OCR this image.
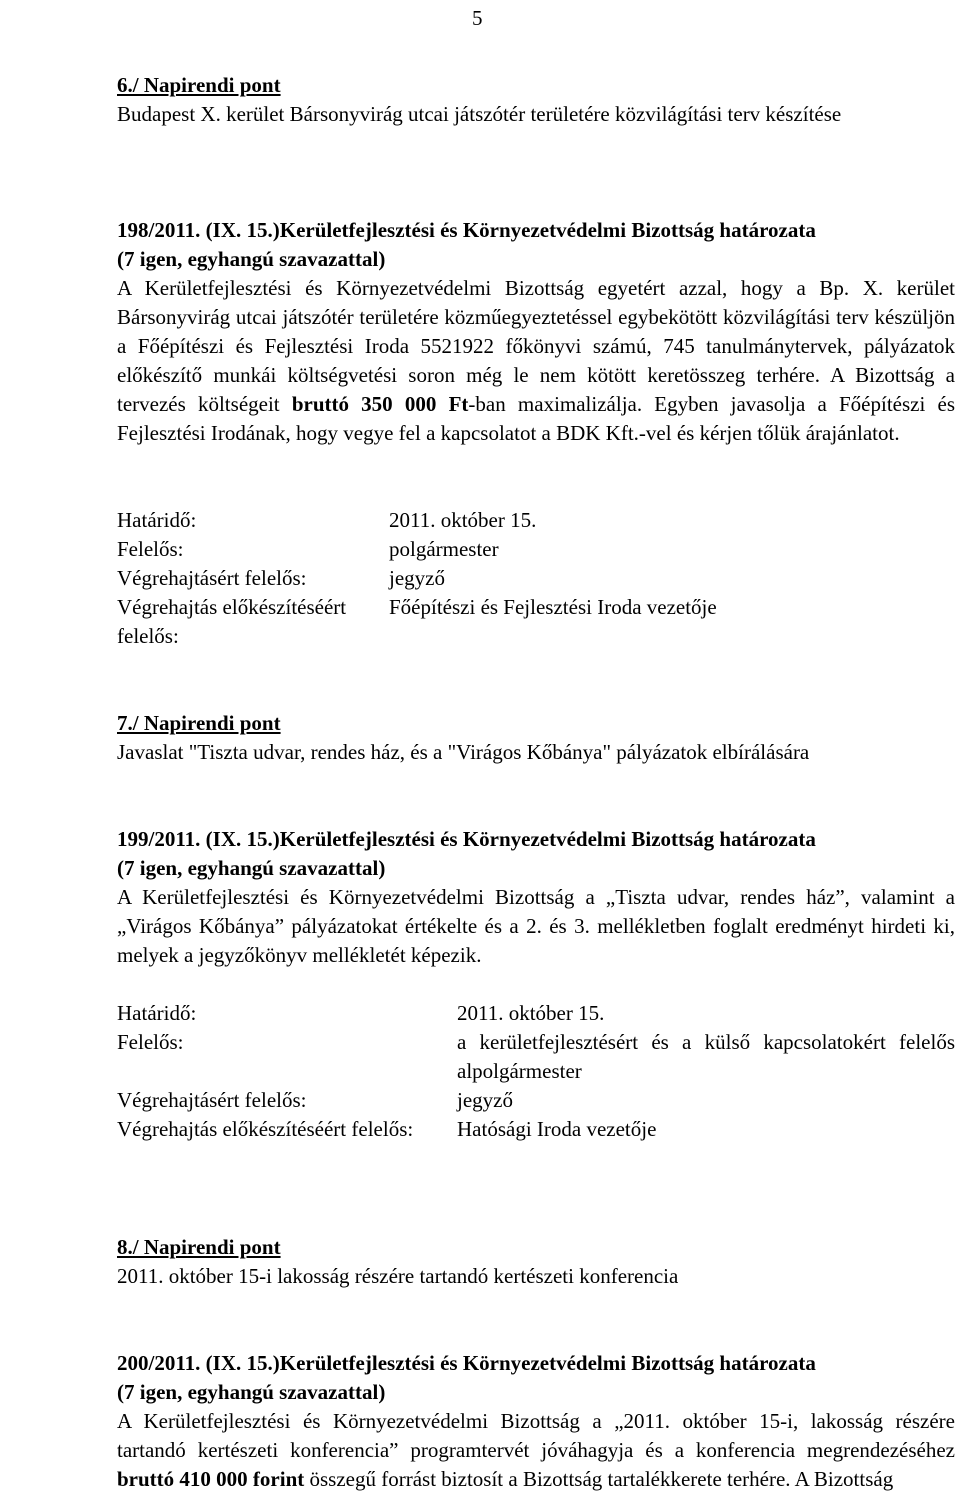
5
6./ Napirendi pont
Budapest X. kerület Bársonyvirág utcai játszótér területére közvilágítási terv készítése
198/2011. (IX. 15.)Kerületfejlesztési és Környezetvédelmi Bizottság határozata
(7 igen, egyhangú szavazattal)
A Kerületfejlesztési és Környezetvédelmi Bizottság egyetért azzal, hogy a Bp. X. kerület Bársonyvirág utcai játszótér területére közműegyeztetéssel egybekötött közvilágítási terv készüljön a Főépítészi és Fejlesztési Iroda 5521922 főkönyvi számú, 745 tanulmánytervek, pályázatok előkészítő munkái költségvetési soron még le nem kötött keretösszeg terhére. A Bizottság a tervezés költségeit bruttó 350 000 Ft-ban maximalizálja. Egyben javasolja a Főépítészi és Fejlesztési Irodának, hogy vegye fel a kapcsolatot a BDK Kft.-vel és kérjen tőlük árajánlatot.
Határidő:	2011. október 15.
Felelős:	polgármester
Végrehajtásért felelős:	jegyző
Végrehajtás előkészítéséért felelős:
Főépítészi és Fejlesztési Iroda vezetője
7./ Napirendi pont
Javaslat "Tiszta udvar, rendes ház, és a "Virágos Kőbánya" pályázatok elbírálására
199/2011. (IX. 15.)Kerületfejlesztési és Környezetvédelmi Bizottság határozata
(7 igen, egyhangú szavazattal)
A Kerületfejlesztési és Környezetvédelmi Bizottság a „Tiszta udvar, rendes ház”, valamint a „Virágos Kőbánya” pályázatokat értékelte és a 2. és 3. mellékletben foglalt eredményt hirdeti ki, melyek a jegyzőkönyv mellékletét képezik.
Határidő:	2011. október 15.
Felelős:	a kerületfejlesztésért és a külső kapcsolatokért felelős alpolgármester
Végrehajtásért felelős:	jegyző
Végrehajtás előkészítéséért felelős:	Hatósági Iroda vezetője
8./ Napirendi pont
2011. október 15-i lakosság részére tartandó kertészeti konferencia
200/2011. (IX. 15.)Kerületfejlesztési és Környezetvédelmi Bizottság határozata
(7 igen, egyhangú szavazattal)
A Kerületfejlesztési és Környezetvédelmi Bizottság a „2011. október 15-i, lakosság részére tartandó kertészeti konferencia” programtervét jóváhagyja és a konferencia megrendezéséhez bruttó 410 000 forint összegű forrást biztosít a Bizottság tartalékkerete terhére. A Bizottság
